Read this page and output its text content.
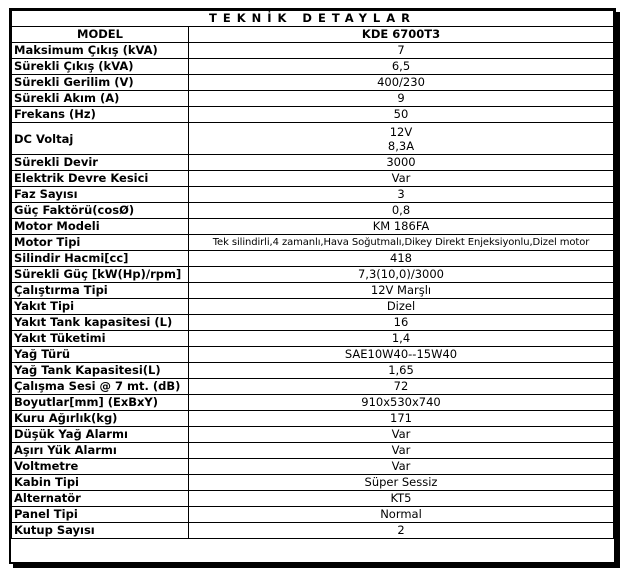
TEKNİK DETAYLAR	
MODEL	KDE 6700T3
Maksimum Çıkış (kVA)	7
Sürekli Çıkış (kVA)	6,5
Sürekli Gerilim (V)	400/230
Sürekli Akım (A)	9
Frekans (Hz)	50
DC Voltaj	12V
8,3A

Sürekli Devir	3000
Elektrik Devre Kesici	Var
Faz Sayısı	3
Güç Faktörü(cosØ)	0,8
Motor Modeli	KM 186FA
Motor Tipi	Tek silindirli,4 zamanlı,Hava Soğutmalı,Dikey Direkt Enjeksiyonlu,Dizel motor
Silindir Hacmi[cc]	418
Sürekli Güç [kW(Hp)/rpm]	7,3(10,0)/3000
Çalıştırma Tipi	12V Marşlı
Yakıt Tipi	Dizel
Yakıt Tank kapasitesi (L)	16
Yakıt Tüketimi	1,4
Yağ Türü	SAE10W40--15W40
Yağ Tank Kapasitesi(L)	1,65
Çalışma Sesi @ 7 mt. (dB)	72
Boyutlar[mm] (ExBxY)	910x530x740
Kuru Ağırlık(kg)	171
Düşük Yağ Alarmı	Var
Aşırı Yük Alarmı	Var
Voltmetre	Var
Kabin Tipi	Süper Sessiz
Alternatör	KT5
Panel Tipi	Normal
Kutup Sayısı	2
